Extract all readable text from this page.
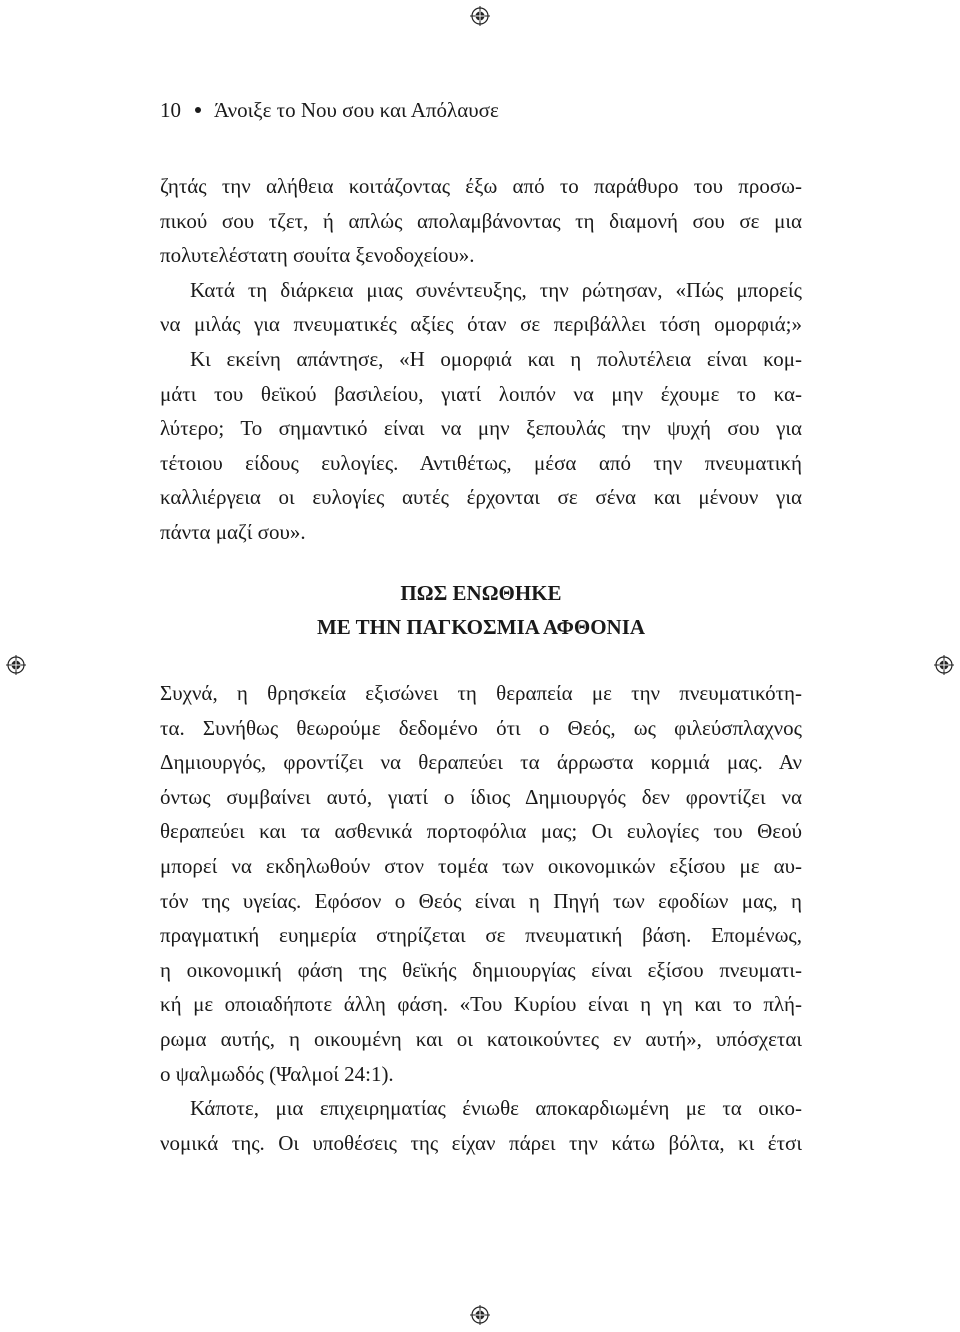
10 Άνοιξε το Νου σου και Απόλαυσε
ζητάς την αλήθεια κοιτάζοντας έξω από το παράθυρο του προσω-
πικού σου τζετ, ή απλώς απολαμβάνοντας τη διαμονή σου σε μια
πολυτελέστατη σουίτα ξενοδοχείου».
Κατά τη διάρκεια μιας συνέντευξης, την ρώτησαν, «Πώς μπορείς
να μιλάς για πνευματικές αξίες όταν σε περιβάλλει τόση ομορφιά;»
Κι εκείνη απάντησε, «Η ομορφιά και η πολυτέλεια είναι κομ-
μάτι του θεϊκού βασιλείου, γιατί λοιπόν να μην έχουμε το κα-
λύτερο; Το σημαντικό είναι να μην ξεπουλάς την ψυχή σου για
τέτοιου είδους ευλογίες. Αντιθέτως, μέσα από την πνευματική
καλλιέργεια οι ευλογίες αυτές έρχονται σε σένα και μένουν για
πάντα μαζί σου».
ΠΩΣ ΕΝΩΘΗΚΕ
ΜΕ ΤΗΝ ΠΑΓΚΟΣΜΙΑ ΑΦΘΟΝΙΑ
Συχνά, η θρησκεία εξισώνει τη θεραπεία με την πνευματικότη-
τα. Συνήθως θεωρούμε δεδομένο ότι ο Θεός, ως φιλεύσπλαχνος
Δημιουργός, φροντίζει να θεραπεύει τα άρρωστα κορμιά μας. Αν
όντως συμβαίνει αυτό, γιατί ο ίδιος Δημιουργός δεν φροντίζει να
θεραπεύει και τα ασθενικά πορτοφόλια μας; Οι ευλογίες του Θεού
μπορεί να εκδηλωθούν στον τομέα των οικονομικών εξίσου με αυ-
τόν της υγείας. Εφόσον ο Θεός είναι η Πηγή των εφοδίων μας, η
πραγματική ευημερία στηρίζεται σε πνευματική βάση. Επομένως,
η οικονομική φάση της θεϊκής δημιουργίας είναι εξίσου πνευματι-
κή με οποιαδήποτε άλλη φάση. «Του Κυρίου είναι η γη και το πλή-
ρωμα αυτής, η οικουμένη και οι κατοικούντες εν αυτή», υπόσχεται
ο ψαλμωδός (Ψαλμοί 24:1).
Κάποτε, μια επιχειρηματίας ένιωθε αποκαρδιωμένη με τα οικο-
νομικά της. Οι υποθέσεις της είχαν πάρει την κάτω βόλτα, κι έτσι
